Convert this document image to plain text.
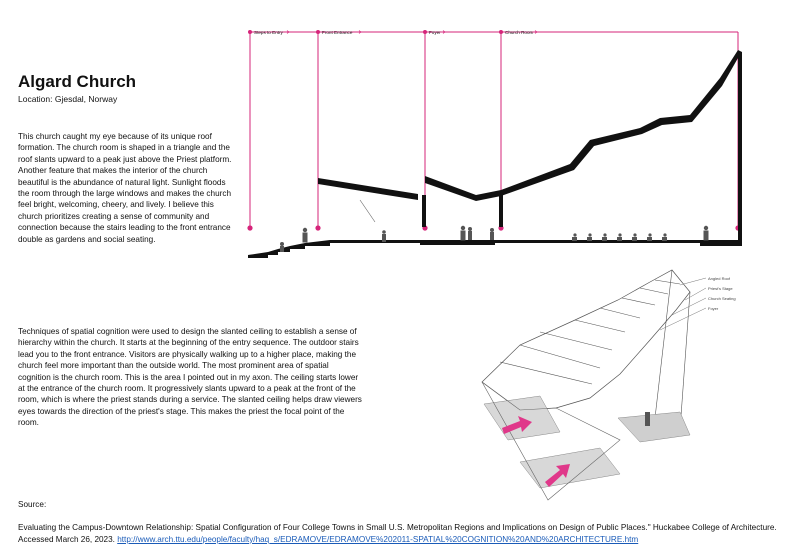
Algard Church
Location: Gjesdal, Norway

This church caught my eye because of its unique roof formation. The church room is shaped in a triangle and the roof slants upward to a peak just above the Priest platform. Another feature that makes the interior of the church beautiful is the abundance of natural light. Sunlight floods the room through the large windows and makes the church feel bright, welcoming, cheery, and lively. I believe this church prioritizes creating a sense of community and connection because the stairs leading to the front entrance double as gardens and social seating.

Techniques of spatial cognition were used to design the slanted ceiling to establish a sense of hierarchy within the church. It starts at the beginning of the entry sequence. The outdoor stairs lead you to the front entrance. Visitors are physically walking up to a higher place, making the church feel more important than the outside world. The most prominent area of spatial cognition is the church room. This is the area I pointed out in my axon. The ceiling starts lower at the entrance of the church room. It progressively slants upward to a peak at the front of the room, which is where the priest stands during a service. The slanted ceiling helps draw viewers eyes towards the direction of the priest's stage. This makes the priest the focal point of the room.

Source:

Evaluating the Campus-Downtown Relationship: Spatial Configuration of Four College Towns in Small U.S. Metropolitan Regions and Implications on Design of Public Places." Huckabee College of Architecture. Accessed March 26, 2023. http://www.arch.ttu.edu/people/faculty/haq_s/EDRAMOVE/EDRAMOVE%202011-SPATIAL%20COGNITION%20AND%20ARCHITECTURE.htm

Steps to Entry	Front Entrance	Foyer	Church Room
Angled Roof
Priest's Stage
Church Seating
Foyer
